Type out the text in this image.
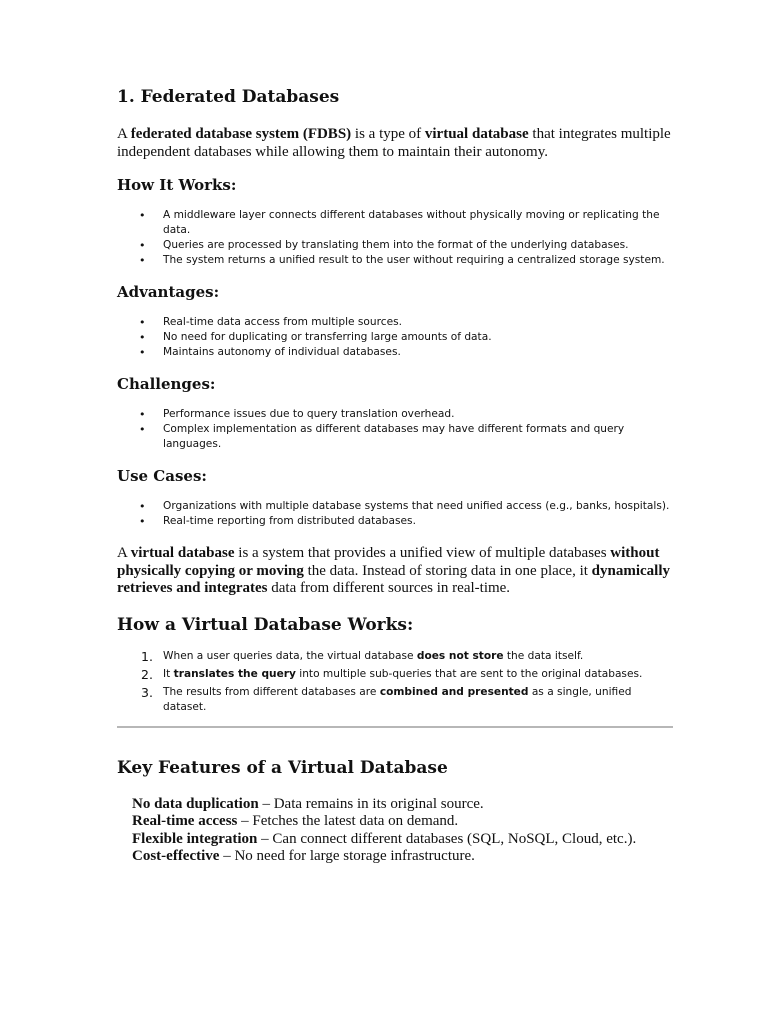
1. Federated Databases

A federated database system (FDBS) is a type of virtual database that integrates multiple independent databases while allowing them to maintain their autonomy.

How It Works:
• A middleware layer connects different databases without physically moving or replicating the data.
• Queries are processed by translating them into the format of the underlying databases.
• The system returns a unified result to the user without requiring a centralized storage system.
Advantages:
• Real-time data access from multiple sources.
• No need for duplicating or transferring large amounts of data.
• Maintains autonomy of individual databases.
Challenges:
• Performance issues due to query translation overhead.
• Complex implementation as different databases may have different formats and query languages.
Use Cases:
• Organizations with multiple database systems that need unified access (e.g., banks, hospitals).
• Real-time reporting from distributed databases.

A virtual database is a system that provides a unified view of multiple databases without physically copying or moving the data. Instead of storing data in one place, it dynamically retrieves and integrates data from different sources in real-time.

How a Virtual Database Works:
1. When a user queries data, the virtual database does not store the data itself.
2. It translates the query into multiple sub-queries that are sent to the original databases.
3. The results from different databases are combined and presented as a single, unified dataset.
Key Features of a Virtual Database

No data duplication – Data remains in its original source.

Real-time access – Fetches the latest data on demand.

Flexible integration – Can connect different databases (SQL, NoSQL, Cloud, etc.).

Cost-effective – No need for large storage infrastructure.
